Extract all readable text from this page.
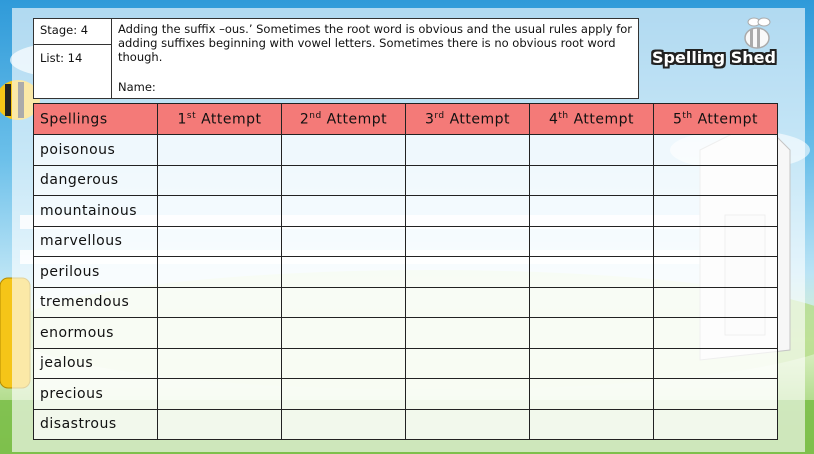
Stage: 4
List: 14
Adding the suffix –ous.’ Sometimes the root word is obvious and the usual rules apply for adding suffixes beginning with vowel letters. Sometimes there is no obvious root word though.
Name:
Spelling Shed
Spellings	1st Attempt	2nd Attempt	3rd Attempt	4th Attempt	5th Attempt
poisonous					
dangerous					
mountainous					
marvellous					
perilous					
tremendous					
enormous					
jealous					
precious					
disastrous					
